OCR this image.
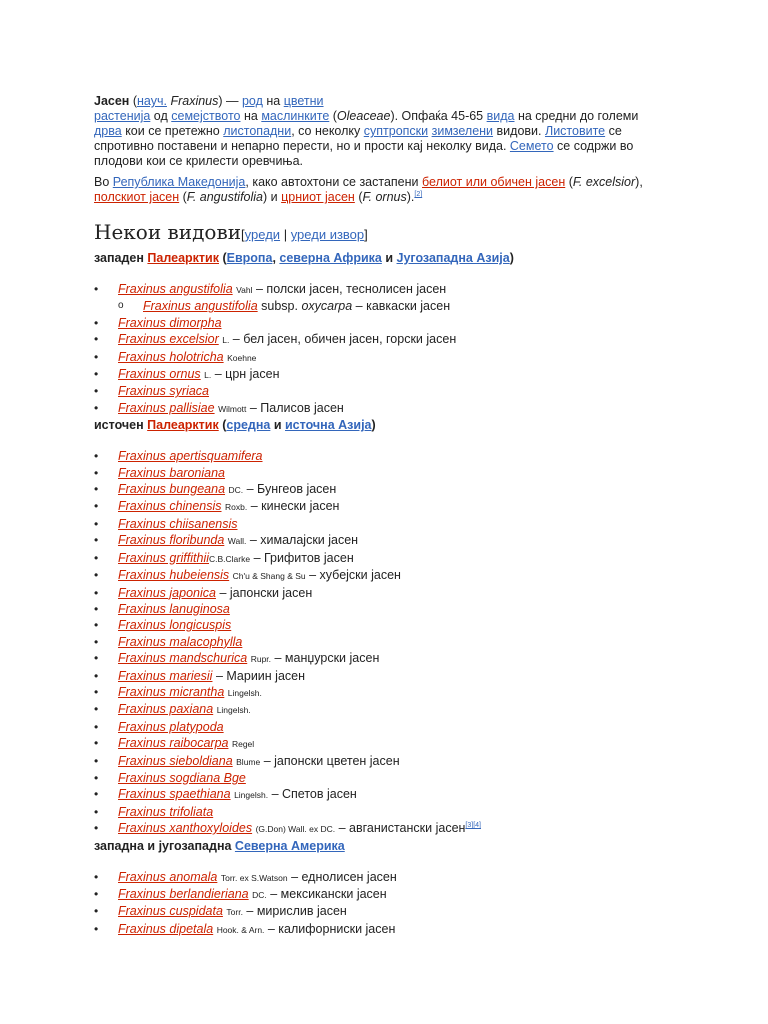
Јасен (науч. Fraxinus) — род на цветни
растенија од семејството на маслинките (Oleaceae). Опфаќа 45-65 вида на средни до големи дрва кои се претежно листопадни, со неколку суптропски зимзелени видови. Листовите се спротивно поставени и непарно перести, но и прости кај неколку вида. Семето се содржи во плодови кои се крилести оревчиња.

Во Република Македонија, како автохтони се застапени белиот или обичен јасен (F. excelsior), полскиот јасен (F. angustifolia) и црниот јасен (F. ornus).[2]

Некои видови[уреди | уреди извор]

западен Палеарктик (Европа, северна Африка и Југозападна Азија)

• Fraxinus angustifolia Vahl – полски јасен, теснолисен јасен
o Fraxinus angustifolia subsp. oxycarpa – кавкаски јасен
• Fraxinus dimorpha
• Fraxinus excelsior L. – бел јасен, обичен јасен, горски јасен
• Fraxinus holotricha Koehne
• Fraxinus ornus L. – црн јасен
• Fraxinus syriaca
• Fraxinus pallisiae Wilmott – Палисов јасен

источен Палеарктик (средна и источна Азија)

• Fraxinus apertisquamifera
• Fraxinus baroniana
• Fraxinus bungeana DC. – Бунгеов јасен
• Fraxinus chinensis Roxb. – кинески јасен
• Fraxinus chiisanensis
• Fraxinus floribunda Wall. – хималајски јасен
• Fraxinus griffithiiC.B.Clarke – Грифитов јасен
• Fraxinus hubeiensis Ch'u & Shang & Su – хубејски јасен
• Fraxinus japonica – јапонски јасен
• Fraxinus lanuginosa
• Fraxinus longicuspis
• Fraxinus malacophylla
• Fraxinus mandschurica Rupr. – манџурски јасен
• Fraxinus mariesii – Мариин јасен
• Fraxinus micrantha Lingelsh.
• Fraxinus paxiana Lingelsh.
• Fraxinus platypoda
• Fraxinus raibocarpa Regel
• Fraxinus sieboldiana Blume – јапонски цветен јасен
• Fraxinus sogdiana Bge
• Fraxinus spaethiana Lingelsh. – Спетов јасен
• Fraxinus trifoliata
• Fraxinus xanthoxyloides (G.Don) Wall. ex DC. – авганистански јасен[3][4]

западна и југозападна Северна Америка

• Fraxinus anomala Torr. ex S.Watson – еднолисен јасен
• Fraxinus berlandieriana DC. – мексикански јасен
• Fraxinus cuspidata Torr. – мирислив јасен
• Fraxinus dipetala Hook. & Arn. – калифорниски јасен
